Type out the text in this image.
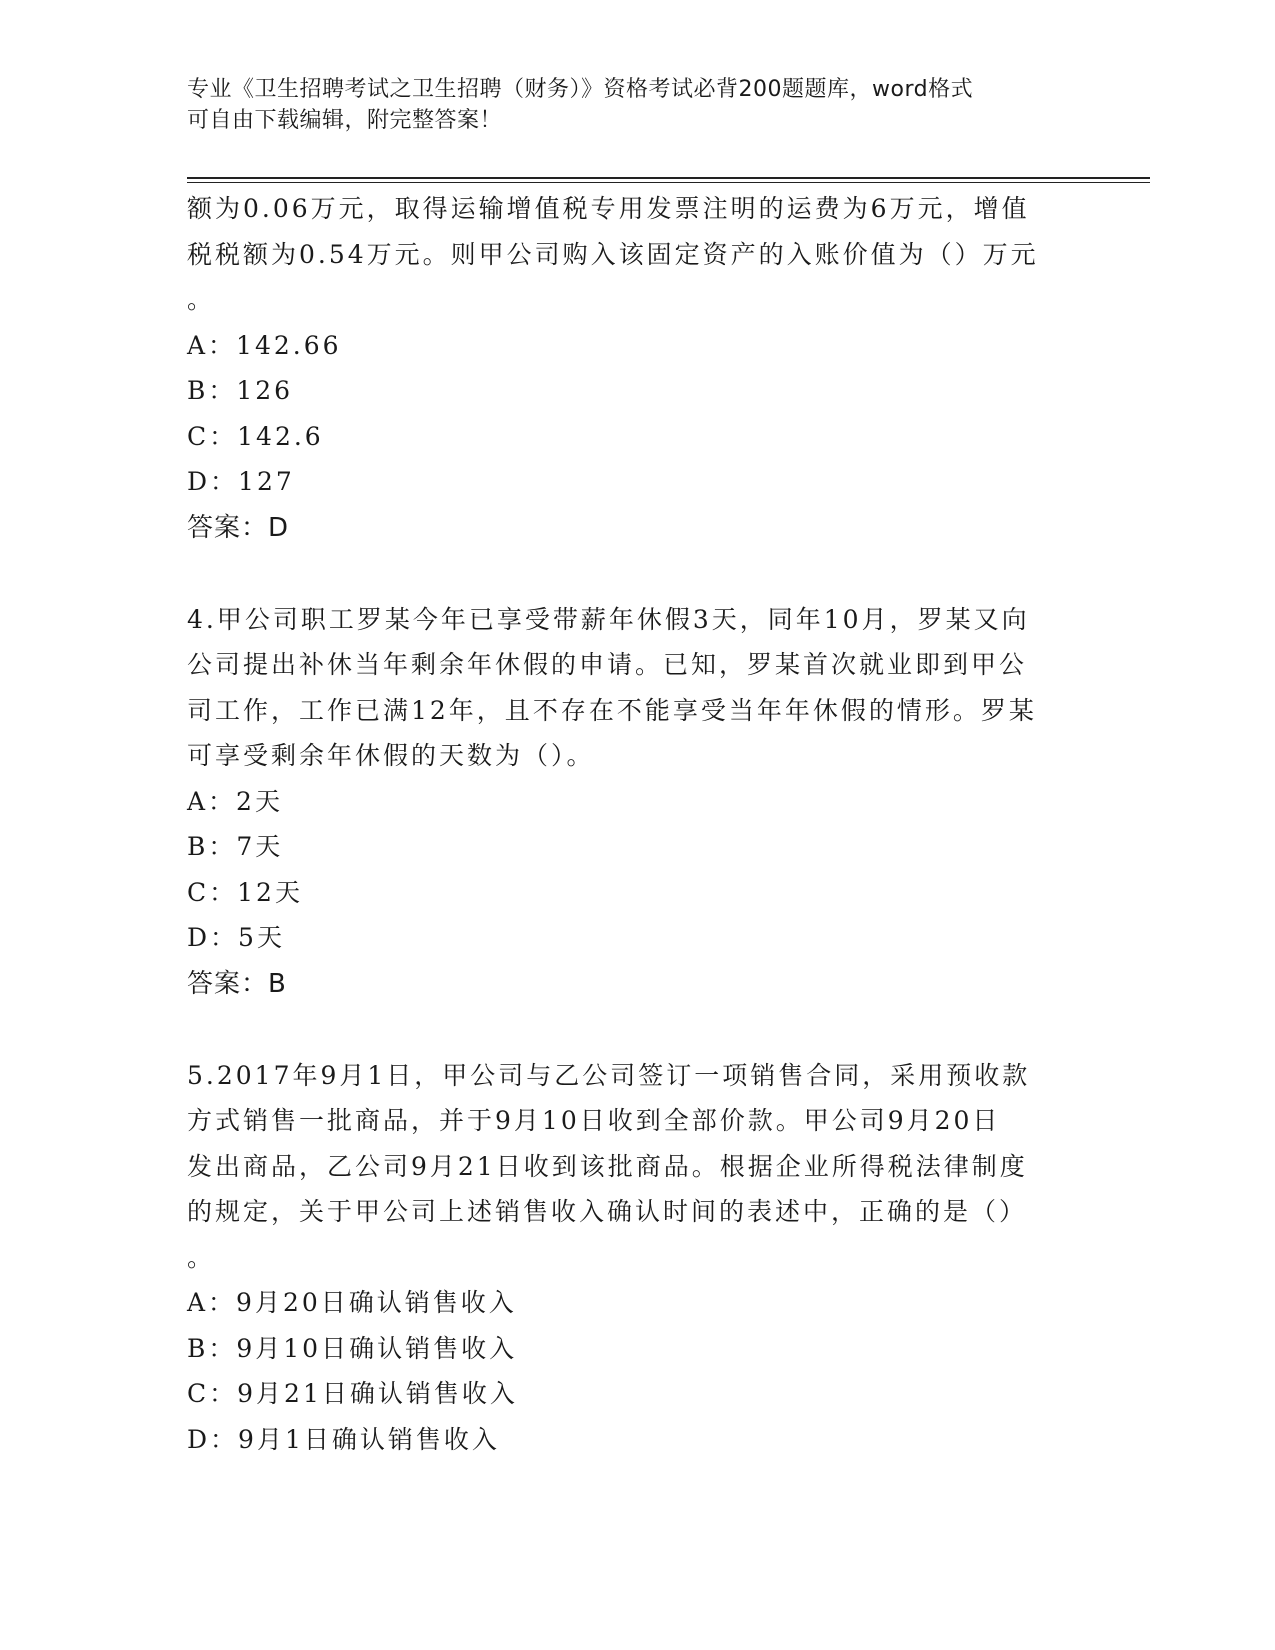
专业《卫生招聘考试之卫生招聘（财务）》资格考试必背200题题库，word格式
可自由下载编辑，附完整答案！

额为0.06万元，取得运输增值税专用发票注明的运费为6万元，增值

税税额为0.54万元。则甲公司购入该固定资产的入账价值为（）万元

。

A：142.66

B：126

C：142.6

D：127

答案：D

4.甲公司职工罗某今年已享受带薪年休假3天，同年10月，罗某又向

公司提出补休当年剩余年休假的申请。已知，罗某首次就业即到甲公

司工作，工作已满12年，且不存在不能享受当年年休假的情形。罗某

可享受剩余年休假的天数为（）。

A：2天

B：7天

C：12天

D：5天

答案：B

5.2017年9月1日，甲公司与乙公司签订一项销售合同，采用预收款

方式销售一批商品，并于9月10日收到全部价款。甲公司9月20日

发出商品，乙公司9月21日收到该批商品。根据企业所得税法律制度

的规定，关于甲公司上述销售收入确认时间的表述中，正确的是（）

。

A：9月20日确认销售收入

B：9月10日确认销售收入

C：9月21日确认销售收入

D：9月1日确认销售收入
